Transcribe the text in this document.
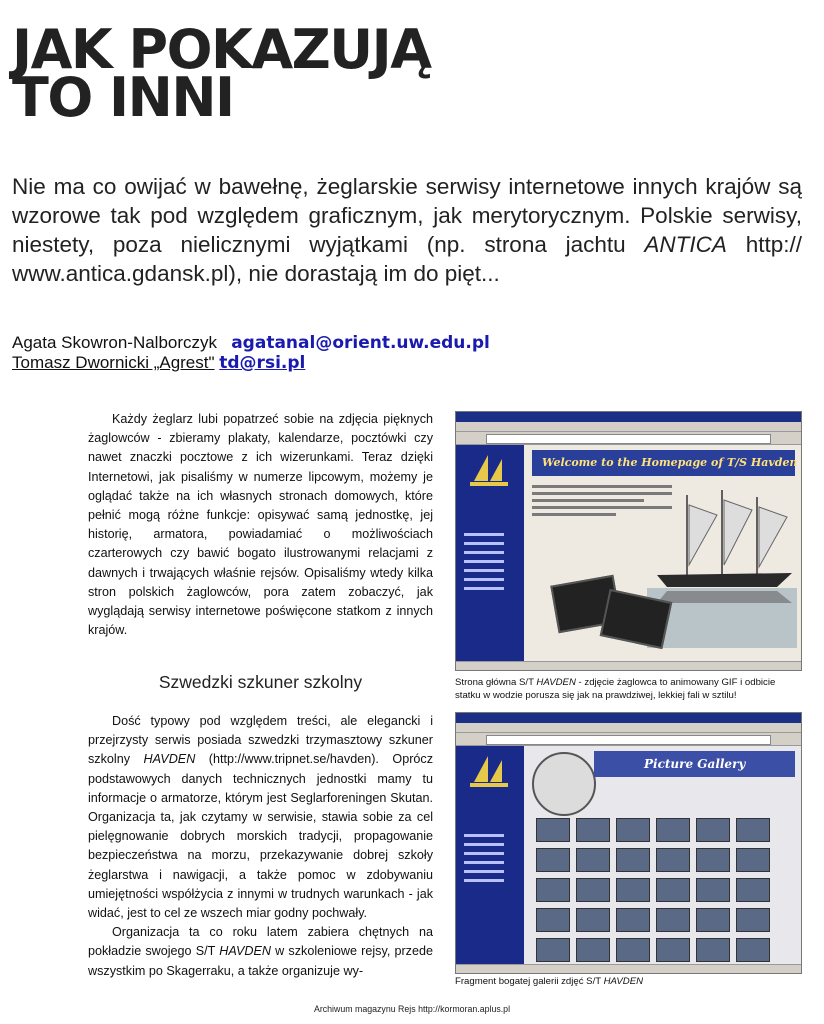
JAK POKAZUJĄ
TO INNI

Nie ma co owijać w bawełnę, żeglarskie serwisy internetowe innych krajów są wzorowe tak pod względem graficznym, jak merytorycznym. Polskie serwisy, niestety, poza nielicznymi wyjątkami (np. strona jachtu ANTICA http:// www.antica.gdansk.pl), nie dorastają im do pięt...

Agata Skowron-Nalborczyk agatanal@orient.uw.edu.pl
Tomasz Dwornicki „Agrest" td@rsi.pl

Każdy żeglarz lubi popatrzeć sobie na zdjęcia pięknych żaglowców - zbieramy plakaty, kalendarze, pocztówki czy nawet znaczki pocztowe z ich wizerunkami. Teraz dzięki Internetowi, jak pisaliśmy w numerze lipcowym, możemy je oglądać także na ich własnych stronach domowych, które pełnić mogą różne funkcje: opisywać samą jednostkę, jej historię, armatora, powiadamiać o możliwościach czarterowych czy bawić bogato ilustrowanymi relacjami z dawnych i trwających właśnie rejsów. Opisaliśmy wtedy kilka stron polskich żaglowców, pora zatem zobaczyć, jak wyglądają serwisy internetowe poświęcone statkom z innych krajów.

Szwedzki szkuner szkolny

Dość typowy pod względem treści, ale elegancki i przejrzysty serwis posiada szwedzki trzymasztowy szkuner szkolny HAVDEN (http://www.tripnet.se/havden). Oprócz podstawowych danych technicznych jednostki mamy tu informacje o armatorze, którym jest Seglarforeningen Skutan. Organizacja ta, jak czytamy w serwisie, stawia sobie za cel pielęgnowanie dobrych morskich tradycji, propagowanie bezpieczeństwa na morzu, przekazywanie dobrej szkoły żeglarstwa i nawigacji, a także pomoc w zdobywaniu umiejętności współżycia z innymi w trudnych warunkach - jak widać, jest to cel ze wszech miar godny pochwały.

Organizacja ta co roku latem zabiera chętnych na pokładzie swojego S/T HAVDEN w szkoleniowe rejsy, przede wszystkim po Skagerraku, a także organizuje wy-

Welcome to the Homepage of T/S Havden
Strona główna S/T HAVDEN - zdjęcie żaglowca to animowany GIF i odbicie statku w wodzie porusza się jak na prawdziwej, lekkiej fali w sztilu!
Picture Gallery
Fragment bogatej galerii zdjęć S/T HAVDEN
Archiwum magazynu Rejs http://kormoran.aplus.pl
